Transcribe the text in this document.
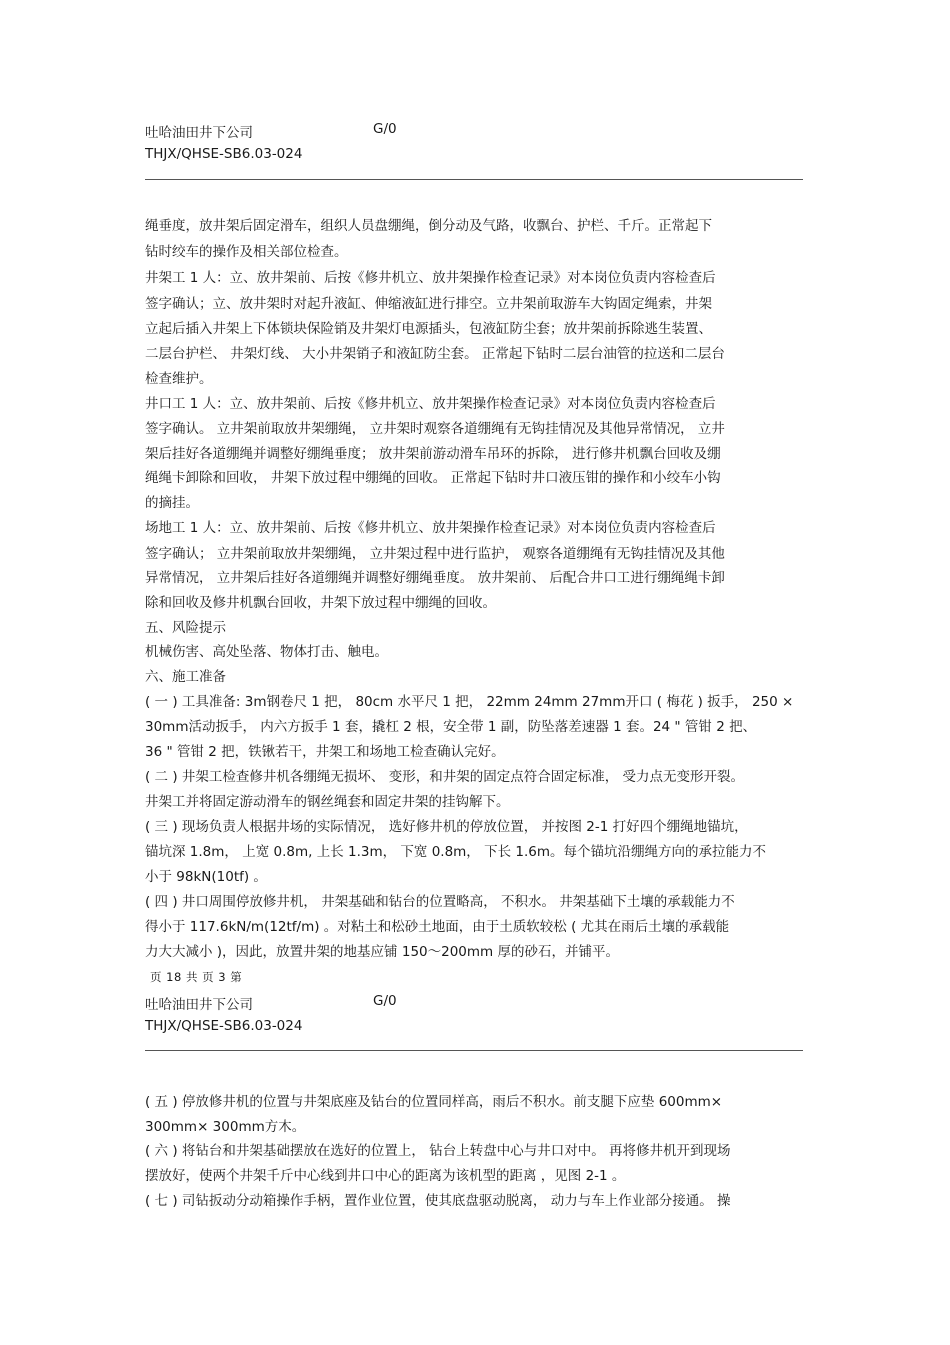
吐哈油田井下公司	G/0
THJX/QHSE-SB6.03-024
绳垂度，放井架后固定滑车，组织人员盘绷绳，倒分动及气路，收飘台、护栏、千斤。正常起下
钻时绞车的操作及相关部位检查。
井架工 1 人：立、放井架前、后按《修井机立、放井架操作检查记录》对本岗位负责内容检查后
签字确认；立、放井架时对起升液缸、伸缩液缸进行排空。立井架前取游车大钩固定绳索，井架
立起后插入井架上下体锁块保险销及井架灯电源插头，包液缸防尘套；放井架前拆除逃生装置、
二层台护栏、 井架灯线、 大小井架销子和液缸防尘套。 正常起下钻时二层台油管的拉送和二层台
检查维护。
井口工 1 人：立、放井架前、后按《修井机立、放井架操作检查记录》对本岗位负责内容检查后
签字确认。 立井架前取放井架绷绳， 立井架时观察各道绷绳有无钩挂情况及其他异常情况， 立井
架后挂好各道绷绳并调整好绷绳垂度； 放井架前游动滑车吊环的拆除， 进行修井机飘台回收及绷
绳绳卡卸除和回收， 井架下放过程中绷绳的回收。 正常起下钻时井口液压钳的操作和小绞车小钩
的摘挂。
场地工 1 人：立、放井架前、后按《修井机立、放井架操作检查记录》对本岗位负责内容检查后
签字确认； 立井架前取放井架绷绳， 立井架过程中进行监护， 观察各道绷绳有无钩挂情况及其他
异常情况， 立井架后挂好各道绷绳并调整好绷绳垂度。 放井架前、 后配合井口工进行绷绳绳卡卸
除和回收及修井机飘台回收，井架下放过程中绷绳的回收。
五、风险提示
机械伤害、高处坠落、物体打击、触电。
六、施工准备
( 一 ) 工具准备: 3m钢卷尺 1 把， 80cm 水平尺 1 把， 22mm 24mm 27mm开口 ( 梅花 ) 扳手， 250 ×
30mm活动扳手， 内六方扳手 1 套，撬杠 2 根，安全带 1 副，防坠落差速器 1 套。24 " 管钳 2 把、
36 " 管钳 2 把，铁锹若干，井架工和场地工检查确认完好。
( 二 ) 井架工检查修井机各绷绳无损坏、 变形，和井架的固定点符合固定标准， 受力点无变形开裂。
井架工并将固定游动滑车的钢丝绳套和固定井架的挂钩解下。
( 三 ) 现场负责人根据井场的实际情况， 选好修井机的停放位置， 并按图 2-1 打好四个绷绳地锚坑，
锚坑深 1.8m， 上宽 0.8m, 上长 1.3m， 下宽 0.8m， 下长 1.6m。每个锚坑沿绷绳方向的承拉能力不
小于 98kN(10tf) 。
( 四 ) 井口周围停放修井机， 井架基础和钻台的位置略高， 不积水。 井架基础下土壤的承载能力不
得小于 117.6kN/m(12tf/m) 。对粘土和松砂土地面，由于土质软较松 ( 尤其在雨后土壤的承载能
力大大减小 )，因此，放置井架的地基应铺 150～200mm 厚的砂石，并铺平。
页 18 共 页 3 第
吐哈油田井下公司	G/0
THJX/QHSE-SB6.03-024
( 五 ) 停放修井机的位置与井架底座及钻台的位置同样高，雨后不积水。前支腿下应垫 600mm×
300mm× 300mm方木。
( 六 ) 将钻台和井架基础摆放在选好的位置上， 钻台上转盘中心与井口对中。 再将修井机开到现场
摆放好，使两个井架千斤中心线到井口中心的距离为该机型的距离 ，见图 2-1 。
( 七 ) 司钻扳动分动箱操作手柄，置作业位置，使其底盘驱动脱离， 动力与车上作业部分接通。 操
